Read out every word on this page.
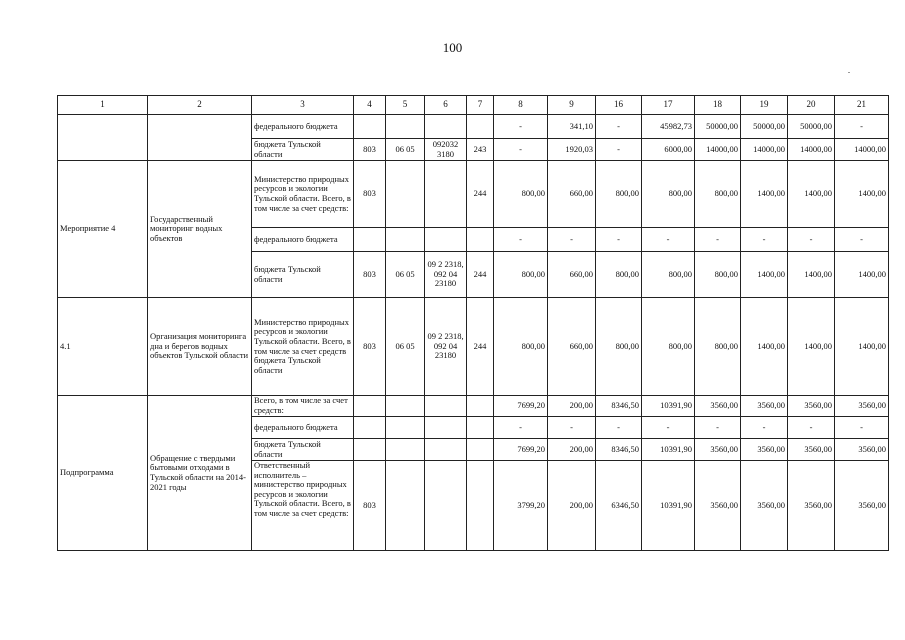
100
1	2	3	4	5	6	7	8	9	16	17	18	19	20	21
		федерального бюджета					-	341,10	-	45982,73	50000,00	50000,00	50000,00	-
		бюджета Тульской области	803	06 05	092032 3180	243	-	1920,03	-	6000,00	14000,00	14000,00	14000,00	14000,00
Мероприятие 4	Государственный мониторинг водных объектов	Министерство природных ресурсов и экологии Тульской области. Всего, в том числе за счет средств:	803			244	800,00	660,00	800,00	800,00	800,00	1400,00	1400,00	1400,00
		федерального бюджета					-	-	-	-	-	-	-	-
		бюджета Тульской области	803	06 05	09 2 2318, 092 04 23180	244	800,00	660,00	800,00	800,00	800,00	1400,00	1400,00	1400,00
4.1	Организация мониторинга дна и берегов водных объектов Тульской области	Министерство природных ресурсов и экологии Тульской области. Всего, в том числе за счет средств бюджета Тульской области	803	06 05	09 2 2318, 092 04 23180	244	800,00	660,00	800,00	800,00	800,00	1400,00	1400,00	1400,00
Подпрограмма	Обращение с твердыми бытовыми отходами в Тульской области на 2014-2021 годы	Всего, в том числе за счет средств:					7699,20	200,00	8346,50	10391,90	3560,00	3560,00	3560,00	3560,00
		федерального бюджета					-	-	-	-	-	-	-	-
		бюджета Тульской области					7699,20	200,00	8346,50	10391,90	3560,00	3560,00	3560,00	3560,00
		Ответственный исполнитель – министерство природных ресурсов и экологии Тульской области. Всего, в том числе за счет средств:	803				3799,20	200,00	6346,50	10391,90	3560,00	3560,00	3560,00	3560,00
